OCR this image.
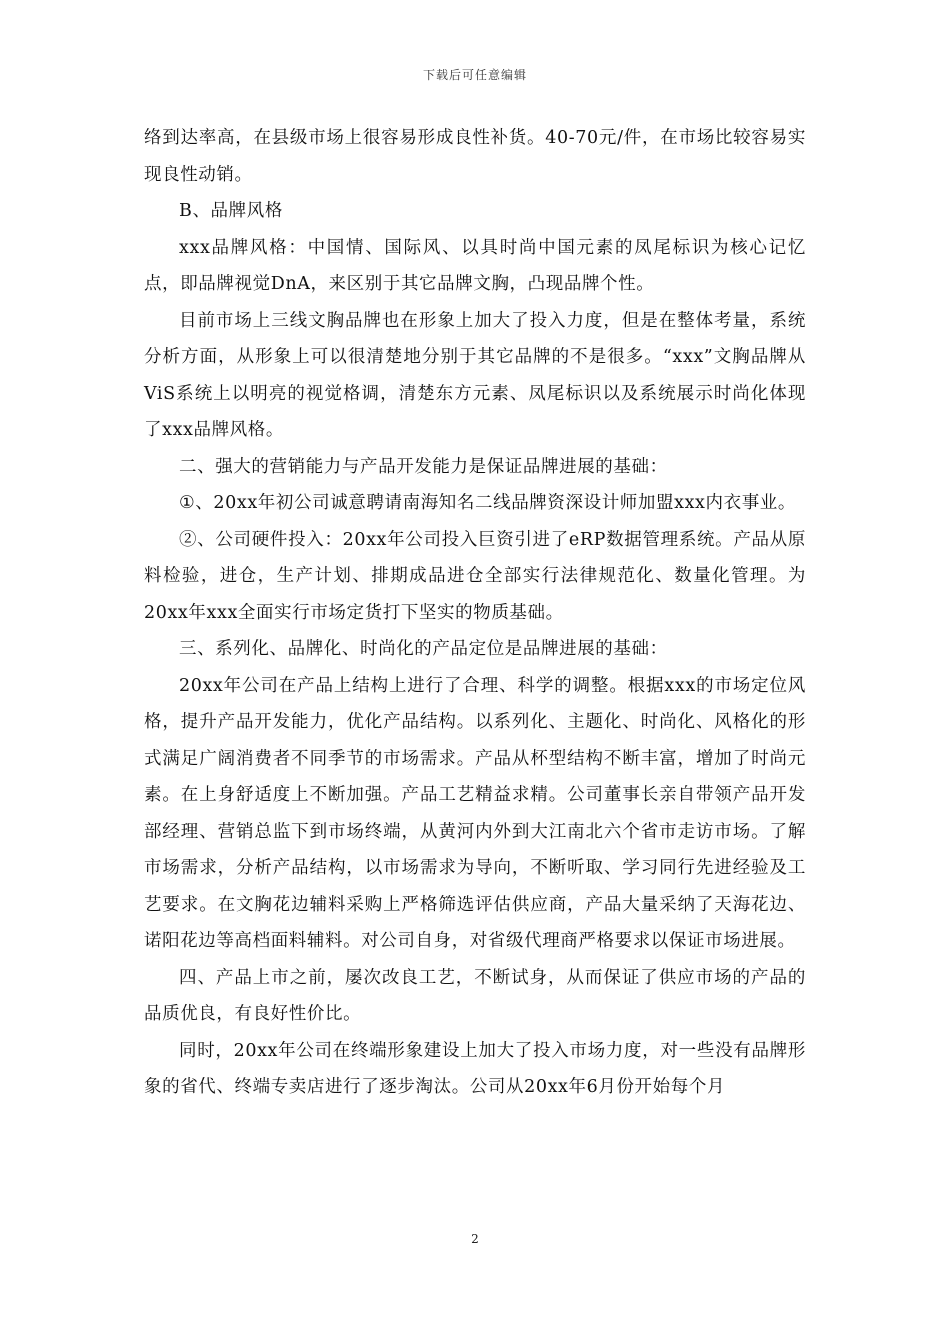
下载后可任意编辑

络到达率高，在县级市场上很容易形成良性补货。40-70元/件，在市场比较容易实现良性动销。

B、品牌风格

xxx品牌风格：中国情、国际风、以具时尚中国元素的凤尾标识为核心记忆点，即品牌视觉DnA，来区别于其它品牌文胸，凸现品牌个性。

目前市场上三线文胸品牌也在形象上加大了投入力度，但是在整体考量，系统分析方面，从形象上可以很清楚地分别于其它品牌的不是很多。“xxx”文胸品牌从ViS系统上以明亮的视觉格调，清楚东方元素、凤尾标识以及系统展示时尚化体现了xxx品牌风格。

二、强大的营销能力与产品开发能力是保证品牌进展的基础：

①、20xx年初公司诚意聘请南海知名二线品牌资深设计师加盟xxx内衣事业。

②、公司硬件投入：20xx年公司投入巨资引进了eRP数据管理系统。产品从原料检验，进仓，生产计划、排期成品进仓全部实行法律规范化、数量化管理。为20xx年xxx全面实行市场定货打下坚实的物质基础。

三、系列化、品牌化、时尚化的产品定位是品牌进展的基础：

20xx年公司在产品上结构上进行了合理、科学的调整。根据xxx的市场定位风格，提升产品开发能力，优化产品结构。以系列化、主题化、时尚化、风格化的形式满足广阔消费者不同季节的市场需求。产品从杯型结构不断丰富，增加了时尚元素。在上身舒适度上不断加强。产品工艺精益求精。公司董事长亲自带领产品开发部经理、营销总监下到市场终端，从黄河内外到大江南北六个省市走访市场。了解市场需求，分析产品结构，以市场需求为导向，不断听取、学习同行先进经验及工艺要求。在文胸花边辅料采购上严格筛选评估供应商，产品大量采纳了天海花边、诺阳花边等高档面料辅料。对公司自身，对省级代理商严格要求以保证市场进展。

四、产品上市之前，屡次改良工艺，不断试身，从而保证了供应市场的产品的品质优良，有良好性价比。

同时，20xx年公司在终端形象建设上加大了投入市场力度，对一些没有品牌形象的省代、终端专卖店进行了逐步淘汰。公司从20xx年6月份开始每个月

2
